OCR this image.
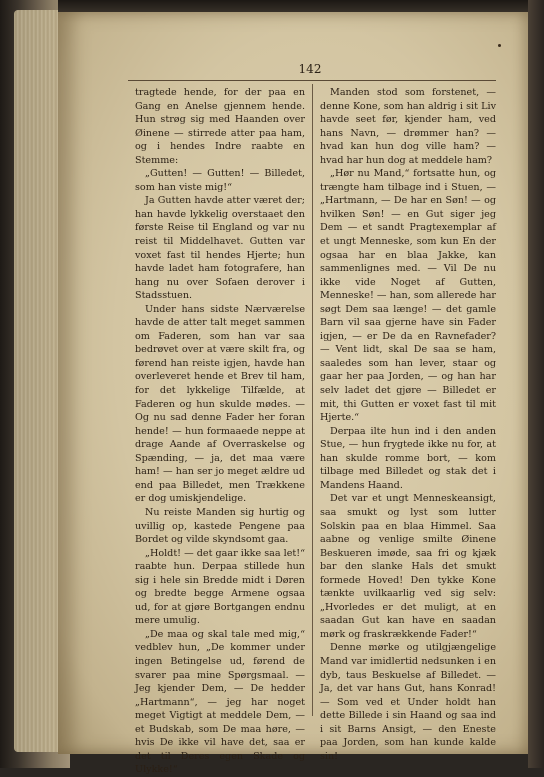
142

tragtede hende, for der paa en Gang en Anelse gjennem hende. Hun strøg sig med Haanden over Øinene — stirrede atter paa ham, og i hendes Indre raabte en Stemme:

„Gutten! — Gutten! — Billedet, som han viste mig!“

Ja Gutten havde atter været der; han havde lykkelig overstaaet den første Reise til England og var nu reist til Middelhavet. Gutten var voxet fast til hendes Hjerte; hun havde ladet ham fotografere, han hang nu over Sofaen derover i Stadsstuen.

Under hans sidste Nærværelse havde de atter talt meget sammen om Faderen, som han var saa bedrøvet over at være skilt fra, og førend han reiste igjen, havde han overleveret hende et Brev til ham, for det lykkelige Tilfælde, at Faderen og hun skulde mødes. — Og nu sad denne Fader her foran hende! — hun formaaede neppe at drage Aande af Overraskelse og Spænding, — ja, det maa være ham! — han ser jo meget ældre ud end paa Billedet, men Trækkene er dog umiskjendelige.

Nu reiste Manden sig hurtig og uvillig op, kastede Pengene paa Bordet og vilde skyndsomt gaa.

„Holdt! — det gaar ikke saa let!“ raabte hun. Derpaa stillede hun sig i hele sin Bredde midt i Døren og bredte begge Armene ogsaa ud, for at gjøre Bortgangen endnu mere umulig.

„De maa og skal tale med mig,“ vedblev hun, „De kommer under ingen Betingelse ud, førend de svarer paa mine Spørgsmaal. — Jeg kjender Dem, — De hedder „Hartmann“, — jeg har noget meget Vigtigt at meddele Dem, — et Budskab, som De maa høre, — hvis De ikke vil have det, saa er det til Deres egen Skade og Ulykke!“

Manden stod som forstenet, — denne Kone, som han aldrig i sit Liv havde seet før, kjender ham, ved hans Navn, — drømmer han? — hvad kan hun dog ville ham? — hvad har hun dog at meddele ham?

„Hør nu Mand,“ fortsatte hun, og trængte ham tilbage ind i Stuen, — „Hartmann, — De har en Søn! — og hvilken Søn! — en Gut siger jeg Dem — et sandt Pragtexemplar af et ungt Menneske, som kun En der ogsaa har en blaa Jakke, kan sammenlignes med. — Vil De nu ikke vide Noget af Gutten, Menneske! — han, som allerede har søgt Dem saa længe! — det gamle Barn vil saa gjerne have sin Fader igjen, — er De da en Ravnefader? — Vent lidt, skal De saa se ham, saaledes som han lever, staar og gaar her paa Jorden, — og han har selv ladet det gjøre — Billedet er mit, thi Gutten er voxet fast til mit Hjerte.“

Derpaa ilte hun ind i den anden Stue, — hun frygtede ikke nu for, at han skulde romme bort, — kom tilbage med Billedet og stak det i Mandens Haand.

Det var et ungt Menneskeansigt, saa smukt og lyst som lutter Solskin paa en blaa Himmel. Saa aabne og venlige smilte Øinene Beskueren imøde, saa fri og kjæk bar den slanke Hals det smukt formede Hoved! Den tykke Kone tænkte uvilkaarlig ved sig selv: „Hvorledes er det muligt, at en saadan Gut kan have en saadan mørk og fraskrækkende Fader!“

Denne mørke og utilgjængelige Mand var imidlertid nedsunken i en dyb, taus Beskuelse af Billedet. — Ja, det var hans Gut, hans Konrad! — Som ved et Under holdt han dette Billede i sin Haand og saa ind i sit Barns Ansigt, — den Eneste paa Jorden, som han kunde kalde sin!
